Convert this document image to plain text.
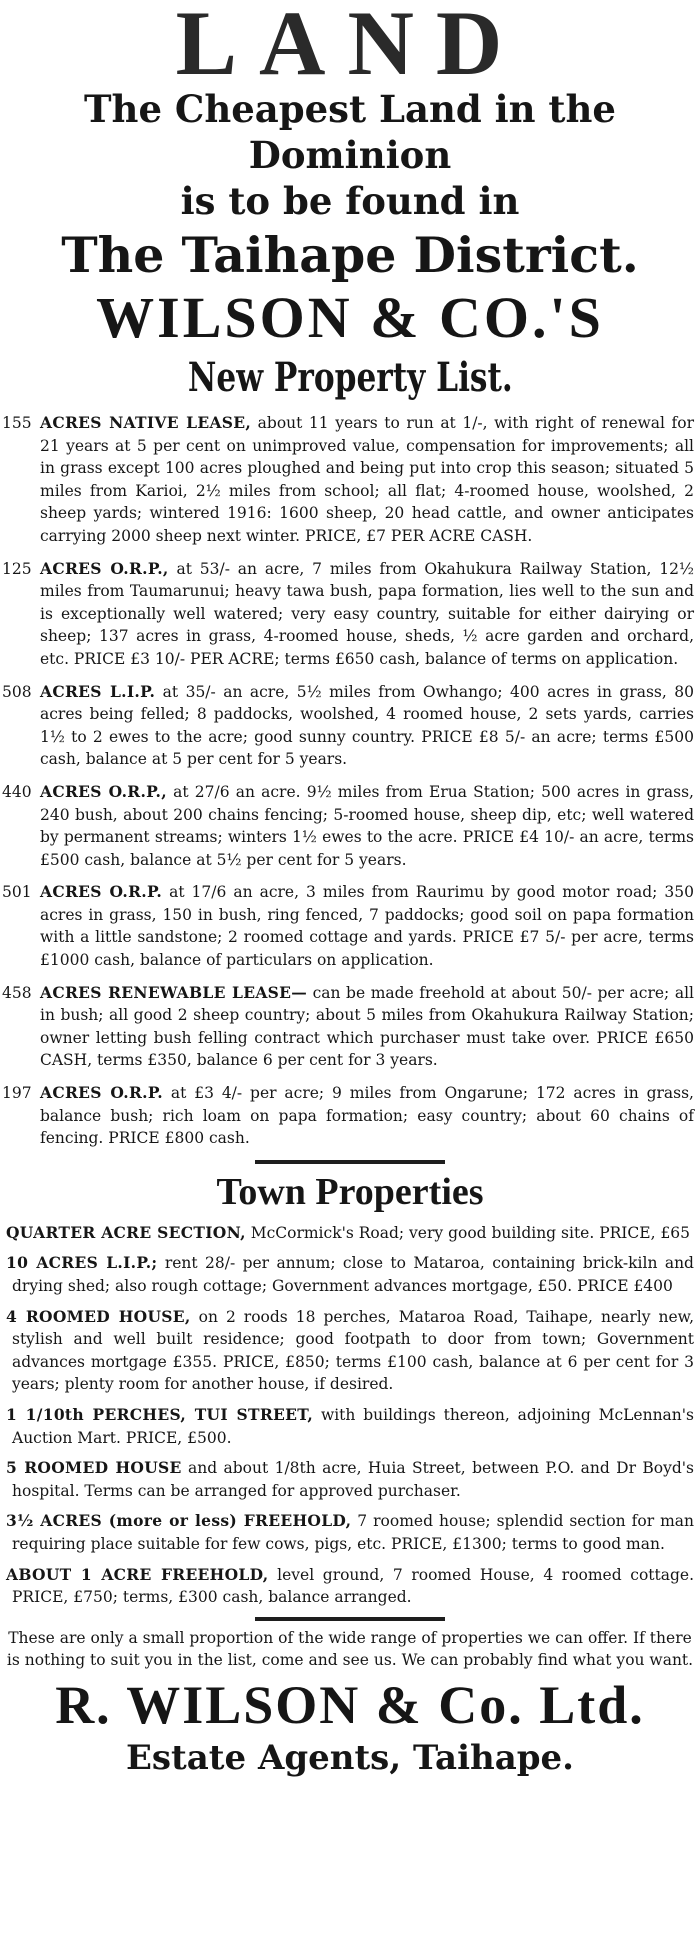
LAND

The Cheapest Land in the Dominion

is to be found in

The Taihape District.

WILSON & CO.'S

New Property List.

155 ACRES NATIVE LEASE, about 11 years to run at 1/-, with right of renewal for 21 years at 5 per cent on unimproved value, compensation for improvements; all in grass except 100 acres ploughed and being put into crop this season; situated 5 miles from Karioi, 2½ miles from school; all flat; 4-roomed house, woolshed, 2 sheep yards; wintered 1916: 1600 sheep, 20 head cattle, and owner anticipates carrying 2000 sheep next winter. PRICE, £7 PER ACRE CASH.
125 ACRES O.R.P., at 53/- an acre, 7 miles from Okahukura Railway Station, 12½ miles from Taumarunui; heavy tawa bush, papa formation, lies well to the sun and is exceptionally well watered; very easy country, suitable for either dairying or sheep; 137 acres in grass, 4-roomed house, sheds, ½ acre garden and orchard, etc. PRICE £3 10/- PER ACRE; terms £650 cash, balance of terms on application.
508 ACRES L.I.P. at 35/- an acre, 5½ miles from Owhango; 400 acres in grass, 80 acres being felled; 8 paddocks, woolshed, 4 roomed house, 2 sets yards, carries 1½ to 2 ewes to the acre; good sunny country. PRICE £8 5/- an acre; terms £500 cash, balance at 5 per cent for 5 years.
440 ACRES O.R.P., at 27/6 an acre. 9½ miles from Erua Station; 500 acres in grass, 240 bush, about 200 chains fencing; 5-roomed house, sheep dip, etc; well watered by permanent streams; winters 1½ ewes to the acre. PRICE £4 10/- an acre, terms £500 cash, balance at 5½ per cent for 5 years.
501 ACRES O.R.P. at 17/6 an acre, 3 miles from Raurimu by good motor road; 350 acres in grass, 150 in bush, ring fenced, 7 paddocks; good soil on papa formation with a little sandstone; 2 roomed cottage and yards. PRICE £7 5/- per acre, terms £1000 cash, balance of particulars on application.
458 ACRES RENEWABLE LEASE— can be made freehold at about 50/- per acre; all in bush; all good 2 sheep country; about 5 miles from Okahukura Railway Station; owner letting bush felling contract which purchaser must take over. PRICE £650 CASH, terms £350, balance 6 per cent for 3 years.
197 ACRES O.R.P. at £3 4/- per acre; 9 miles from Ongarune; 172 acres in grass, balance bush; rich loam on papa formation; easy country; about 60 chains of fencing. PRICE £800 cash.

Town Properties

QUARTER ACRE SECTION, McCormick's Road; very good building site. PRICE, £65
10 ACRES L.I.P.; rent 28/- per annum; close to Mataroa, containing brick-kiln and drying shed; also rough cottage; Government advances mortgage, £50. PRICE £400
4 ROOMED HOUSE, on 2 roods 18 perches, Mataroa Road, Taihape, nearly new, stylish and well built residence; good footpath to door from town; Government advances mortgage £355. PRICE, £850; terms £100 cash, balance at 6 per cent for 3 years; plenty room for another house, if desired.
1 1/10th PERCHES, TUI STREET, with buildings thereon, adjoining McLennan's Auction Mart. PRICE, £500.
5 ROOMED HOUSE and about 1/8th acre, Huia Street, between P.O. and Dr Boyd's hospital. Terms can be arranged for approved purchaser.
3½ ACRES (more or less) FREEHOLD, 7 roomed house; splendid section for man requiring place suitable for few cows, pigs, etc. PRICE, £1300; terms to good man.
ABOUT 1 ACRE FREEHOLD, level ground, 7 roomed House, 4 roomed cottage. PRICE, £750; terms, £300 cash, balance arranged.

These are only a small proportion of the wide range of properties we can offer. If there is nothing to suit you in the list, come and see us. We can probably find what you want.

R. WILSON & Co. Ltd.

Estate Agents, Taihape.
